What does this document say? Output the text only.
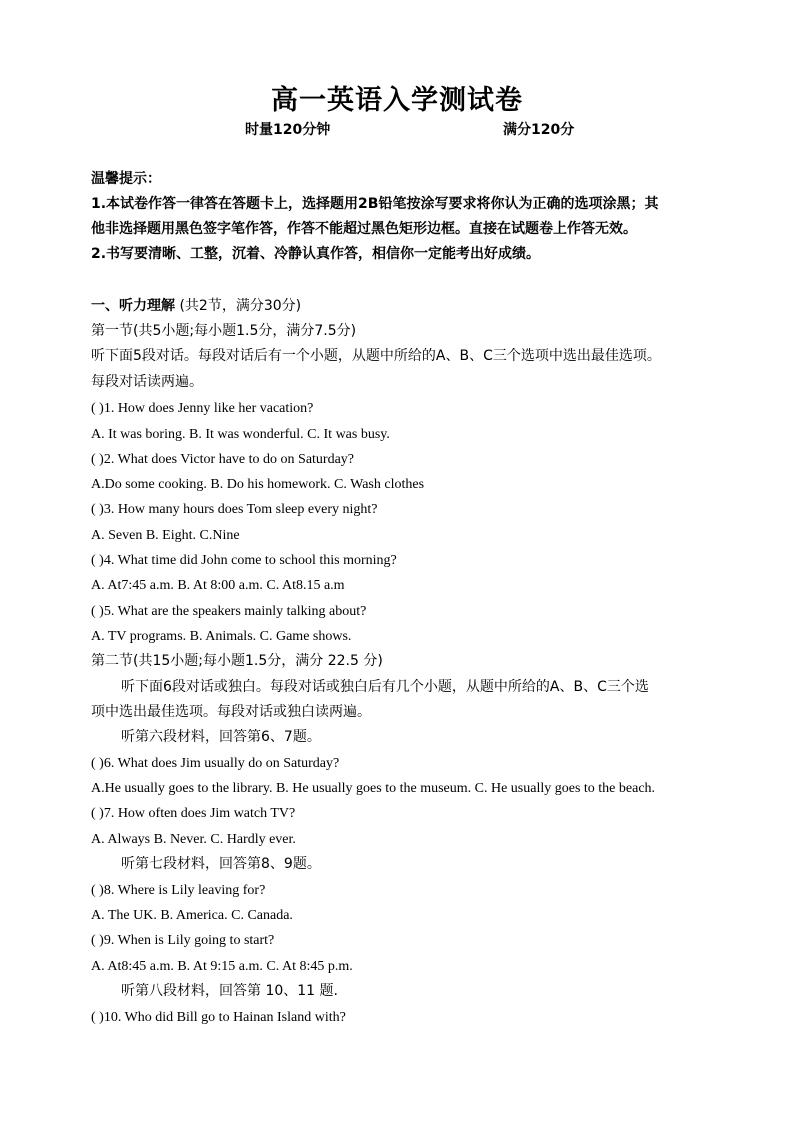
高一英语入学测试卷
时量120分钟	满分120分
温馨提示：
1.本试卷作答一律答在答题卡上，选择题用2B铅笔按涂写要求将你认为正确的选项涂黑；其
他非选择题用黑色签字笔作答，作答不能超过黑色矩形边框。直接在试题卷上作答无效。
2.书写要清晰、工整，沉着、冷静认真作答，相信你一定能考出好成绩。
一、听力理解 (共2节，满分30分)
第一节(共5小题;每小题1.5分，满分7.5分)
听下面5段对话。每段对话后有一个小题，从题中所给的A、B、C三个选项中选出最佳选项。
每段对话读两遍。
( )1. How does Jenny like her vacation?
A. It was boring. B. It was wonderful. C. It was busy.
( )2. What does Victor have to do on Saturday?
A.Do some cooking. B. Do his homework. C. Wash clothes
( )3. How many hours does Tom sleep every night?
A. Seven B. Eight. C.Nine
( )4. What time did John come to school this morning?
A. At7:45 a.m. B. At 8:00 a.m. C. At8.15 a.m
( )5. What are the speakers mainly talking about?
A. TV programs. B. Animals. C. Game shows.
第二节(共15小题;每小题1.5分，满分 22.5 分)
听下面6段对话或独白。每段对话或独白后有几个小题，从题中所给的A、B、C三个选
项中选出最佳选项。每段对话或独白读两遍。
听第六段材料，回答第6、7题。
( )6. What does Jim usually do on Saturday?
A.He usually goes to the library. B. He usually goes to the museum. C. He usually goes to the beach.
( )7. How often does Jim watch TV?
A. Always B. Never. C. Hardly ever.
听第七段材料，回答第8、9题。
( )8. Where is Lily leaving for?
A. The UK. B. America. C. Canada.
( )9. When is Lily going to start?
A. At8:45 a.m. B. At 9:15 a.m. C. At 8:45 p.m.
听第八段材料，回答第 10、11 题.
( )10. Who did Bill go to Hainan Island with?
